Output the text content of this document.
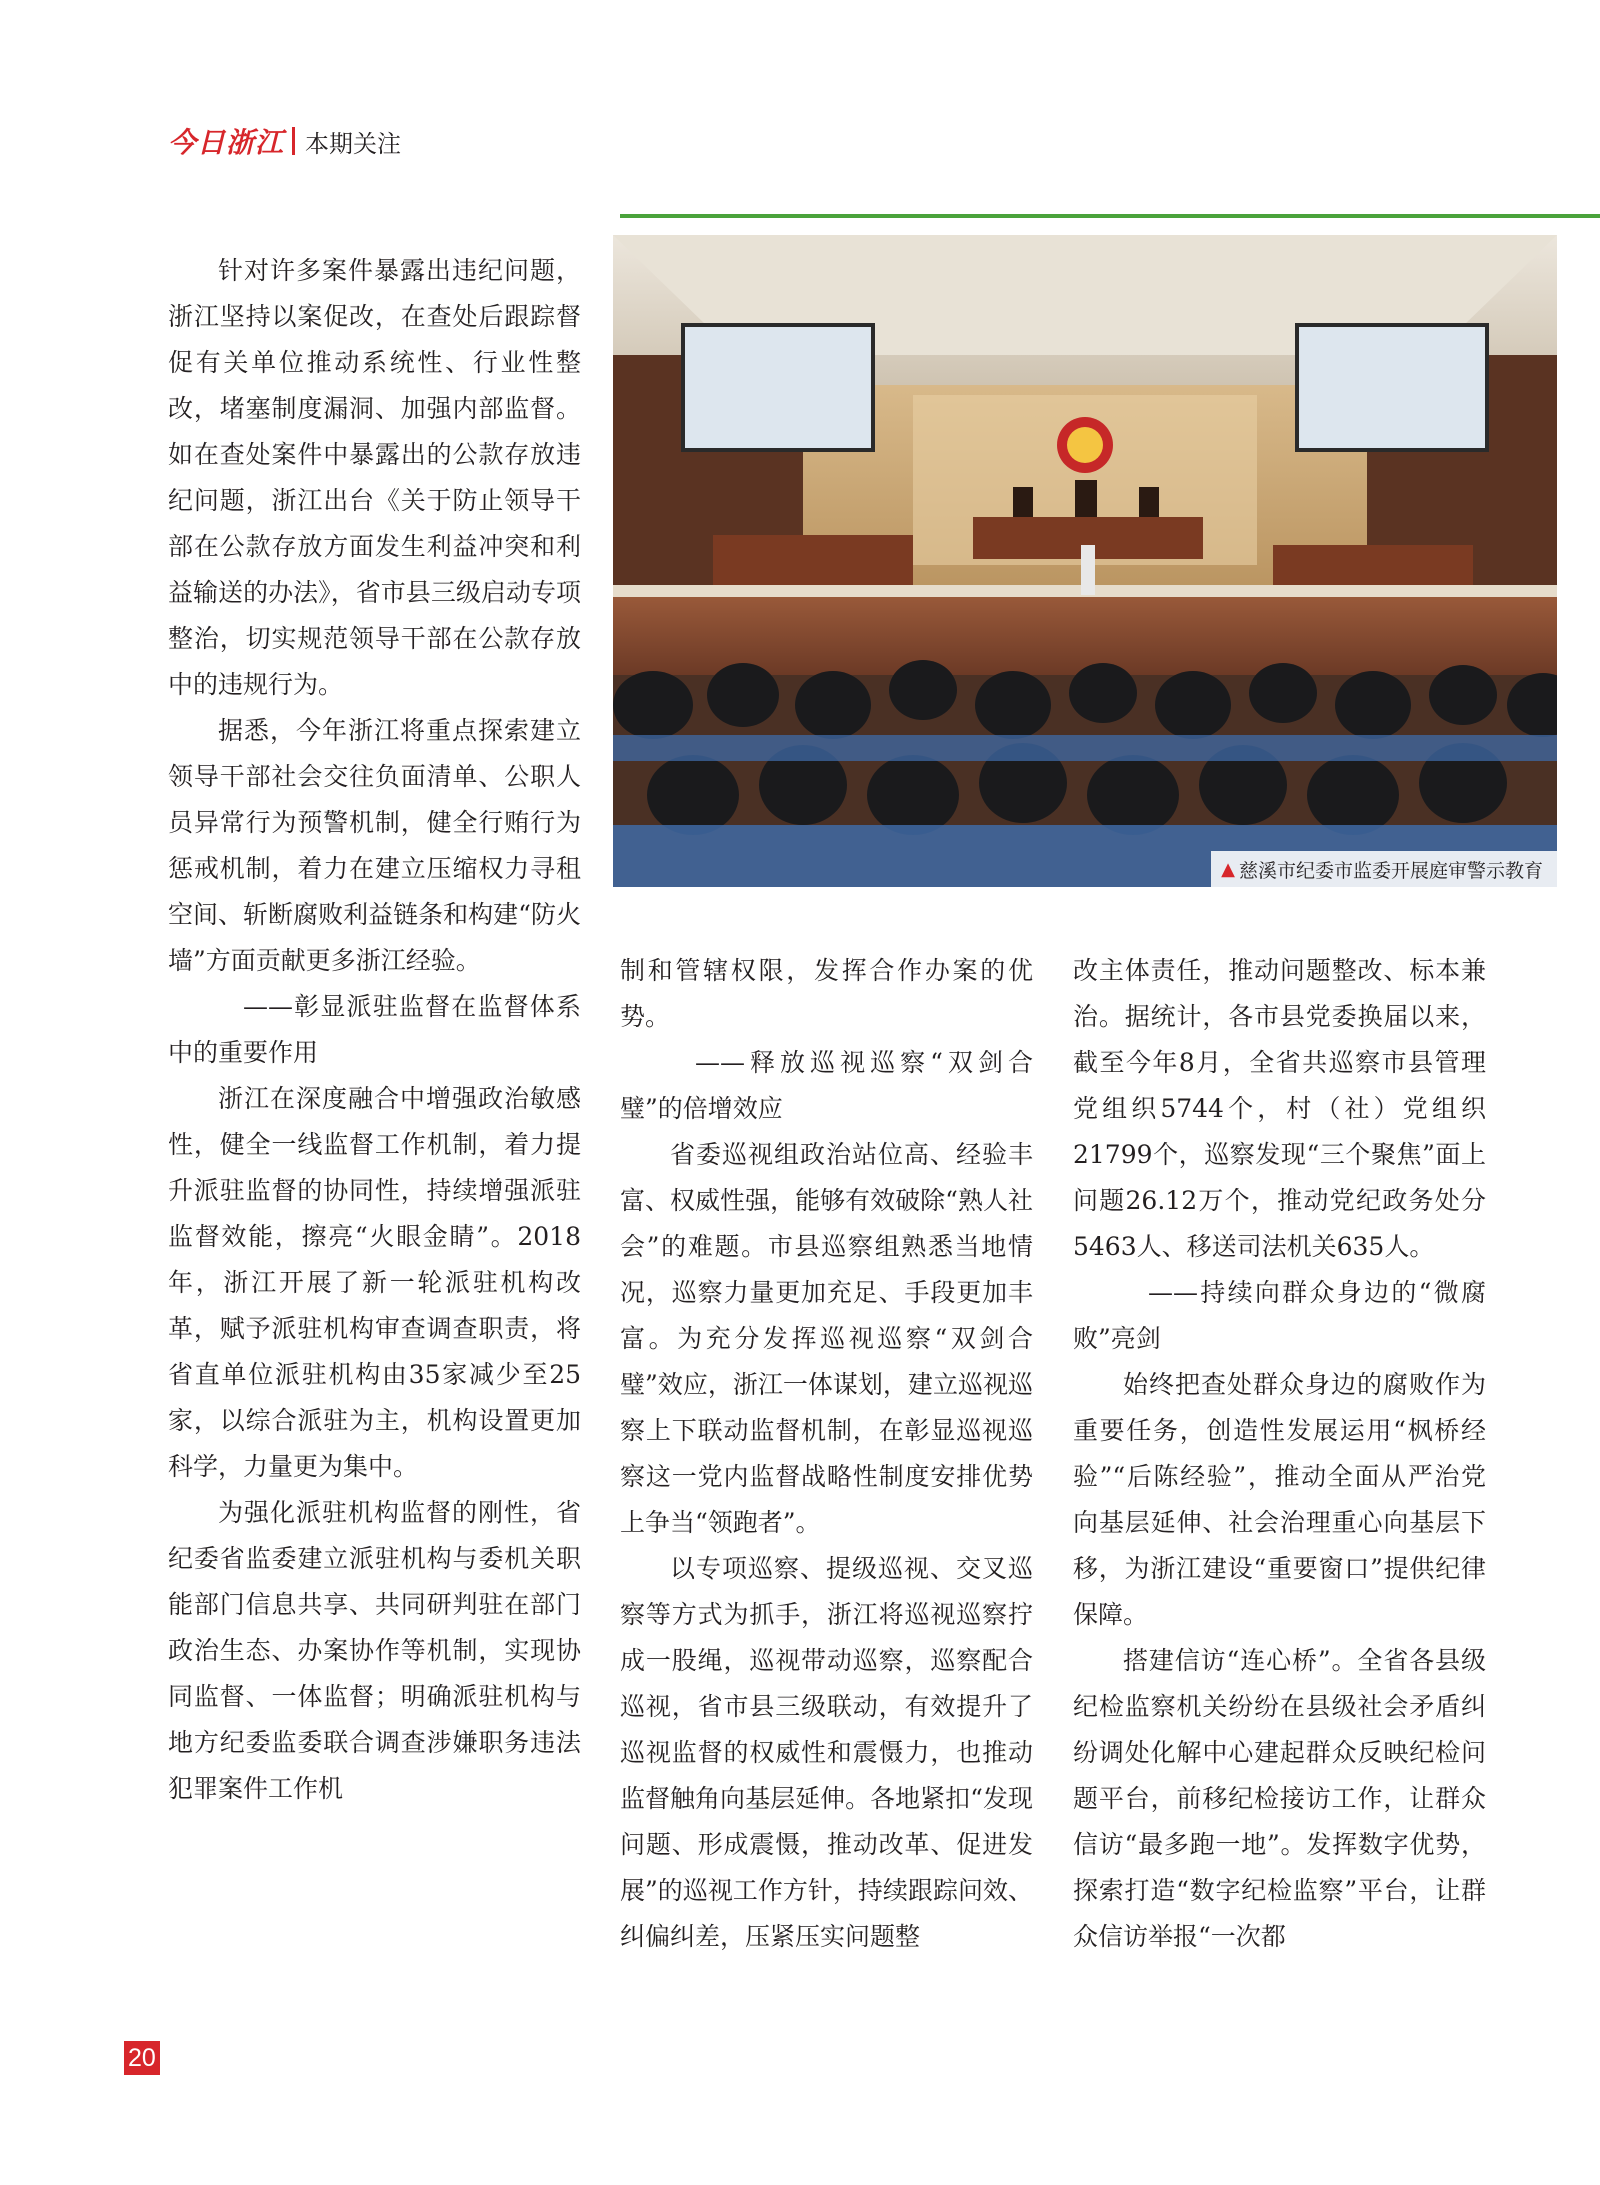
今日浙江 本期关注
▲ 慈溪市纪委市监委开展庭审警示教育

针对许多案件暴露出违纪问题，浙江坚持以案促改，在查处后跟踪督促有关单位推动系统性、行业性整改，堵塞制度漏洞、加强内部监督。如在查处案件中暴露出的公款存放违纪问题，浙江出台《关于防止领导干部在公款存放方面发生利益冲突和利益输送的办法》，省市县三级启动专项整治，切实规范领导干部在公款存放中的违规行为。

据悉，今年浙江将重点探索建立领导干部社会交往负面清单、公职人员异常行为预警机制，健全行贿行为惩戒机制，着力在建立压缩权力寻租空间、斩断腐败利益链条和构建“防火墙”方面贡献更多浙江经验。

——彰显派驻监督在监督体系中的重要作用

浙江在深度融合中增强政治敏感性，健全一线监督工作机制，着力提升派驻监督的协同性，持续增强派驻监督效能，擦亮“火眼金睛”。2018年，浙江开展了新一轮派驻机构改革，赋予派驻机构审查调查职责，将省直单位派驻机构由35家减少至25家，以综合派驻为主，机构设置更加科学，力量更为集中。

为强化派驻机构监督的刚性，省纪委省监委建立派驻机构与委机关职能部门信息共享、共同研判驻在部门政治生态、办案协作等机制，实现协同监督、一体监督；明确派驻机构与地方纪委监委联合调查涉嫌职务违法犯罪案件工作机

制和管辖权限，发挥合作办案的优势。

——释放巡视巡察“双剑合璧”的倍增效应

省委巡视组政治站位高、经验丰富、权威性强，能够有效破除“熟人社会”的难题。市县巡察组熟悉当地情况，巡察力量更加充足、手段更加丰富。为充分发挥巡视巡察“双剑合璧”效应，浙江一体谋划，建立巡视巡察上下联动监督机制，在彰显巡视巡察这一党内监督战略性制度安排优势上争当“领跑者”。

以专项巡察、提级巡视、交叉巡察等方式为抓手，浙江将巡视巡察拧成一股绳，巡视带动巡察，巡察配合巡视，省市县三级联动，有效提升了巡视监督的权威性和震慑力，也推动监督触角向基层延伸。各地紧扣“发现问题、形成震慑，推动改革、促进发展”的巡视工作方针，持续跟踪问效、纠偏纠差，压紧压实问题整

改主体责任，推动问题整改、标本兼治。据统计，各市县党委换届以来，截至今年8月，全省共巡察市县管理党组织5744个，村（社）党组织21799个，巡察发现“三个聚焦”面上问题26.12万个，推动党纪政务处分5463人、移送司法机关635人。

——持续向群众身边的“微腐败”亮剑

始终把查处群众身边的腐败作为重要任务，创造性发展运用“枫桥经验”“后陈经验”，推动全面从严治党向基层延伸、社会治理重心向基层下移，为浙江建设“重要窗口”提供纪律保障。

搭建信访“连心桥”。全省各县级纪检监察机关纷纷在县级社会矛盾纠纷调处化解中心建起群众反映纪检问题平台，前移纪检接访工作，让群众信访“最多跑一地”。发挥数字优势，探索打造“数字纪检监察”平台，让群众信访举报“一次都

20
